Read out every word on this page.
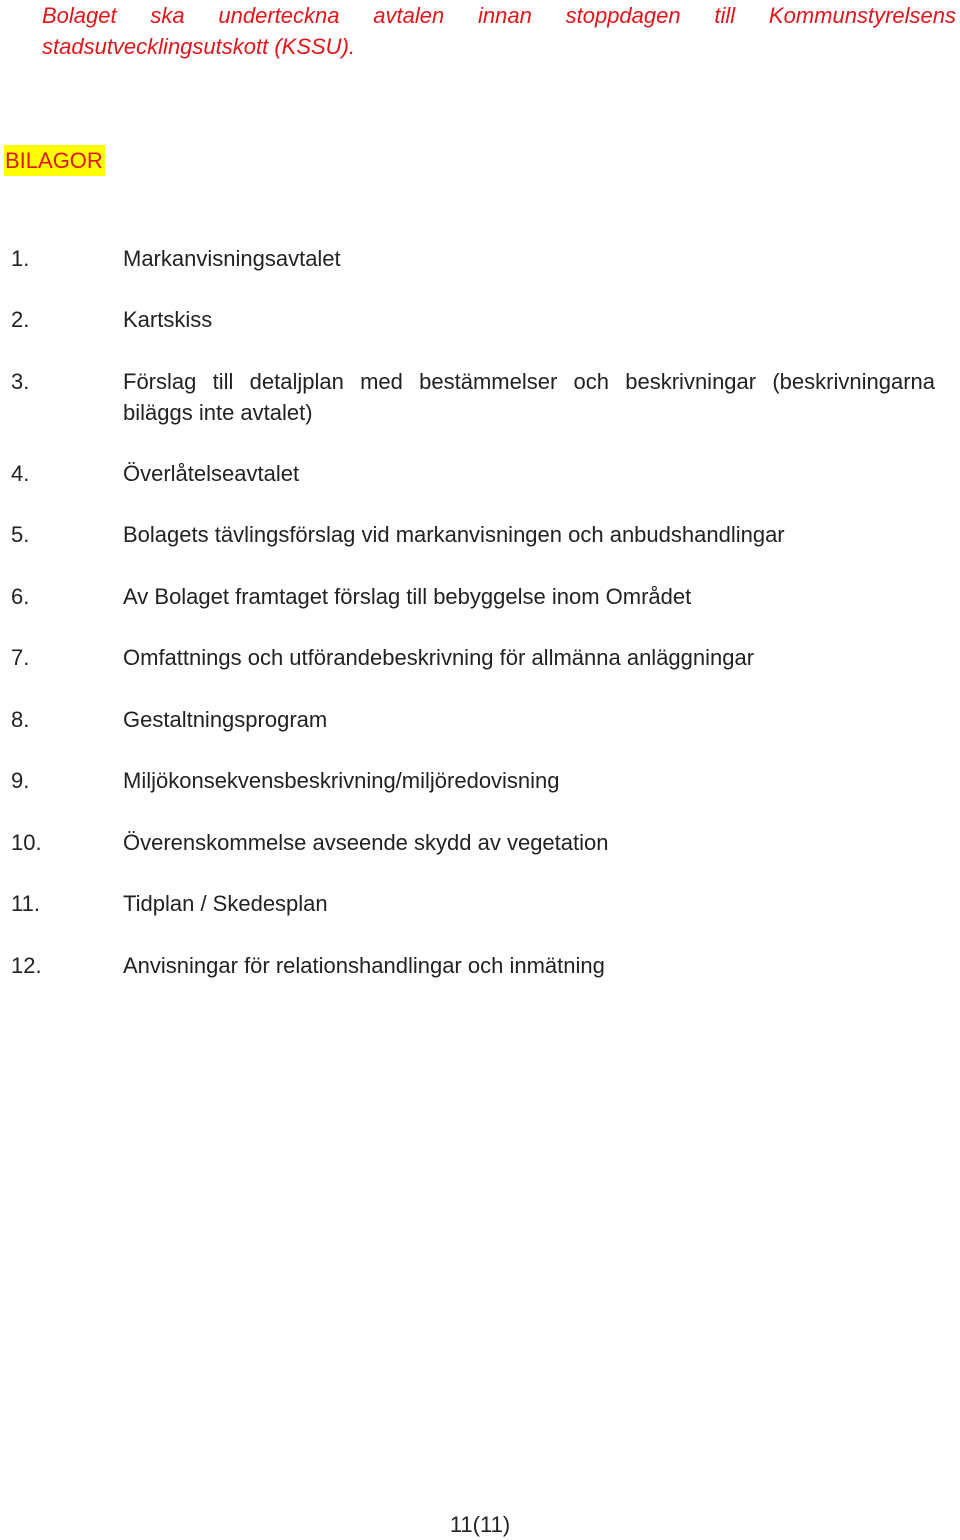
Bolaget ska underteckna avtalen innan stoppdagen till Kommunstyrelsens stadsutvecklingsutskott (KSSU).

BILAGOR
1.	Markanvisningsavtalet
2.	Kartskiss
3.	Förslag till detaljplan med bestämmelser och beskrivningar (beskrivningarna biläggs inte avtalet)
4.	Överlåtelseavtalet
5.	Bolagets tävlingsförslag vid markanvisningen och anbudshandlingar
6.	Av Bolaget framtaget förslag till bebyggelse inom Området
7.	Omfattnings och utförandebeskrivning för allmänna anläggningar
8.	Gestaltningsprogram
9.	Miljökonsekvensbeskrivning/miljöredovisning
10.	Överenskommelse avseende skydd av vegetation
11.	Tidplan / Skedesplan
12.	Anvisningar för relationshandlingar och inmätning
11(11)
